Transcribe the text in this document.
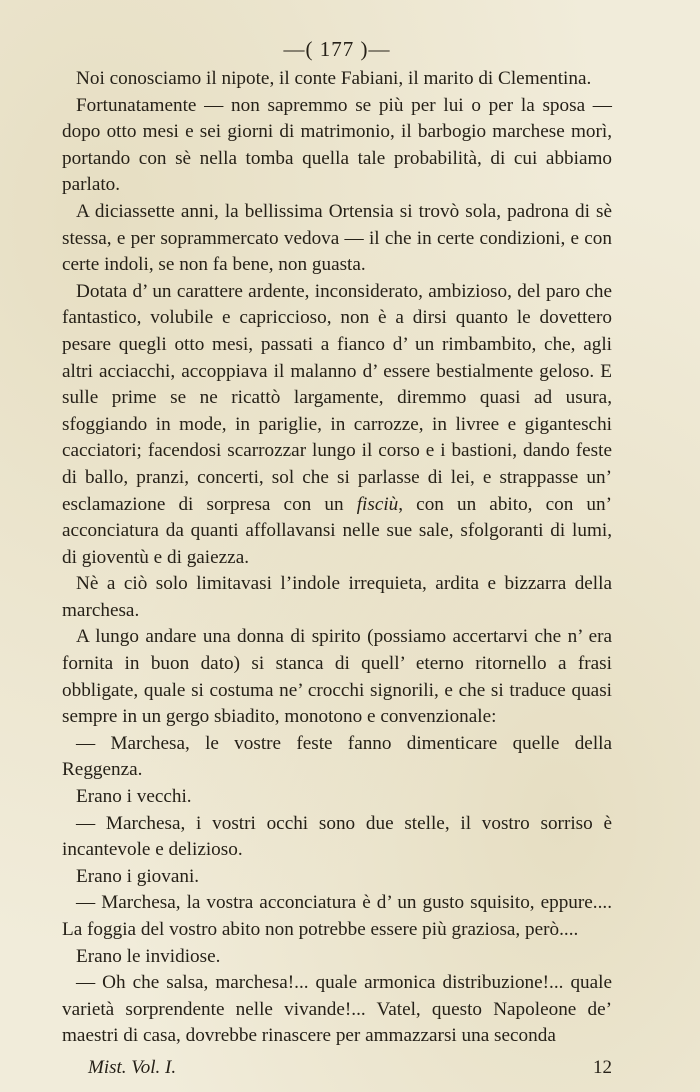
—( 177 )—

Noi conosciamo il nipote, il conte Fabiani, il marito di Clementina.

Fortunatamente — non sapremmo se più per lui o per la sposa — dopo otto mesi e sei giorni di matrimonio, il barbogio marchese morì, portando con sè nella tomba quella tale probabilità, di cui abbiamo parlato.

A diciassette anni, la bellissima Ortensia si trovò sola, padrona di sè stessa, e per soprammercato vedova — il che in certe condizioni, e con certe indoli, se non fa bene, non guasta.

Dotata d’ un carattere ardente, inconsiderato, ambizioso, del paro che fantastico, volubile e capriccioso, non è a dirsi quanto le dovettero pesare quegli otto mesi, passati a fianco d’ un rimbambito, che, agli altri acciacchi, accoppiava il malanno d’ essere bestialmente geloso. E sulle prime se ne ricattò largamente, diremmo quasi ad usura, sfoggiando in mode, in pariglie, in carrozze, in livree e giganteschi cacciatori; facendosi scarrozzar lungo il corso e i bastioni, dando feste di ballo, pranzi, concerti, sol che si parlasse di lei, e strappasse un’ esclamazione di sorpresa con un fisciù, con un abito, con un’ acconciatura da quanti affollavansi nelle sue sale, sfolgoranti di lumi, di gioventù e di gaiezza.

Nè a ciò solo limitavasi l’indole irrequieta, ardita e bizzarra della marchesa.

A lungo andare una donna di spirito (possiamo accertarvi che n’ era fornita in buon dato) si stanca di quell’ eterno ritornello a frasi obbligate, quale si costuma ne’ crocchi signorili, e che si traduce quasi sempre in un gergo sbiadito, monotono e convenzionale:

— Marchesa, le vostre feste fanno dimenticare quelle della Reggenza.

Erano i vecchi.

— Marchesa, i vostri occhi sono due stelle, il vostro sorriso è incantevole e delizioso.

Erano i giovani.

— Marchesa, la vostra acconciatura è d’ un gusto squisito, eppure.... La foggia del vostro abito non potrebbe essere più graziosa, però....

Erano le invidiose.

— Oh che salsa, marchesa!... quale armonica distribuzione!... quale varietà sorprendente nelle vivande!... Vatel, questo Napoleone de’ maestri di casa, dovrebbe rinascere per ammazzarsi una seconda

Mist. Vol. I.	12
